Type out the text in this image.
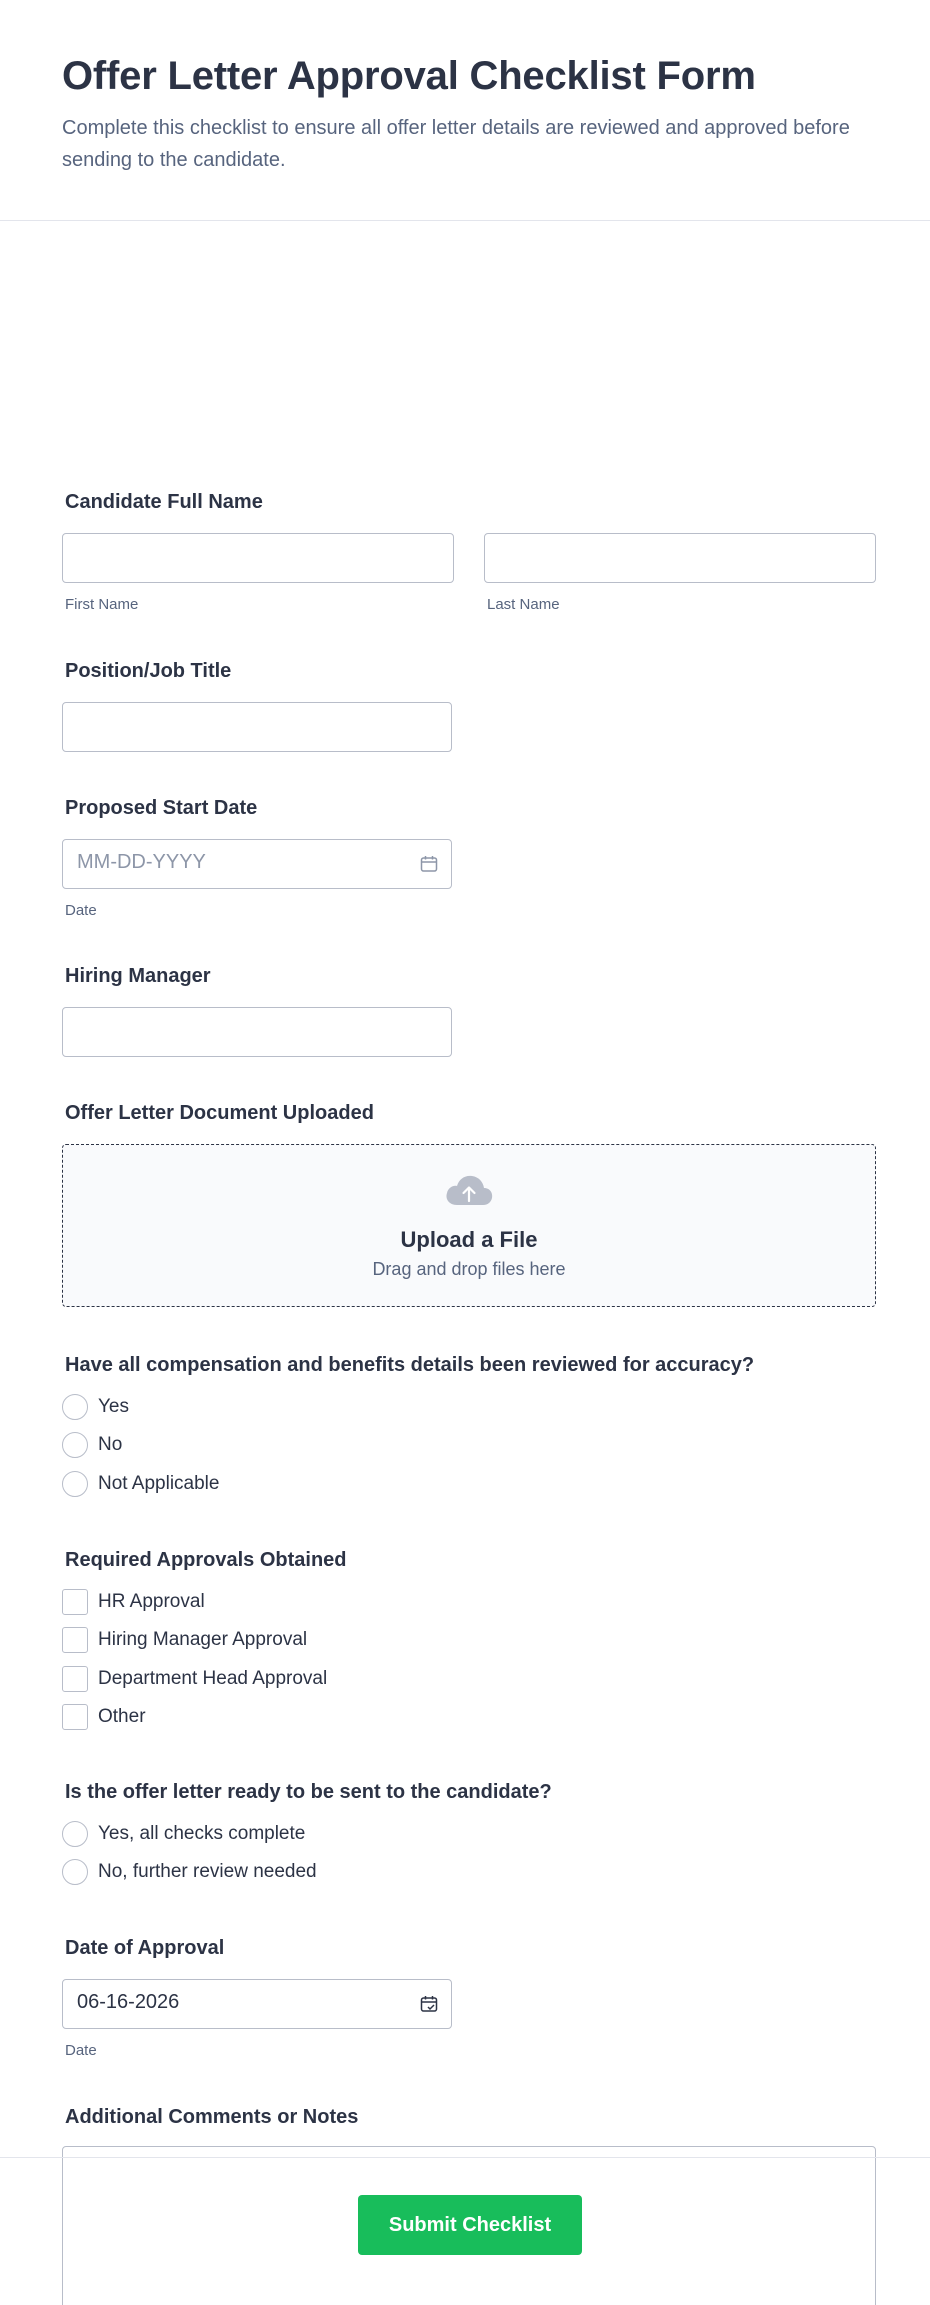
Offer Letter Approval Checklist Form
Complete this checklist to ensure all offer letter details are reviewed and approved before sending to the candidate.
Candidate Full Name
First Name	Last Name
Position/Job Title
Proposed Start Date
MM-DD-YYYY
Date
Hiring Manager
Offer Letter Document Uploaded
Upload a File
Drag and drop files here
Have all compensation and benefits details been reviewed for accuracy?
Yes
No
Not Applicable
Required Approvals Obtained
HR Approval
Hiring Manager Approval
Department Head Approval
Other
Is the offer letter ready to be sent to the candidate?
Yes, all checks complete
No, further review needed
Date of Approval
06-16-2026
Date
Additional Comments or Notes
Submit Checklist
